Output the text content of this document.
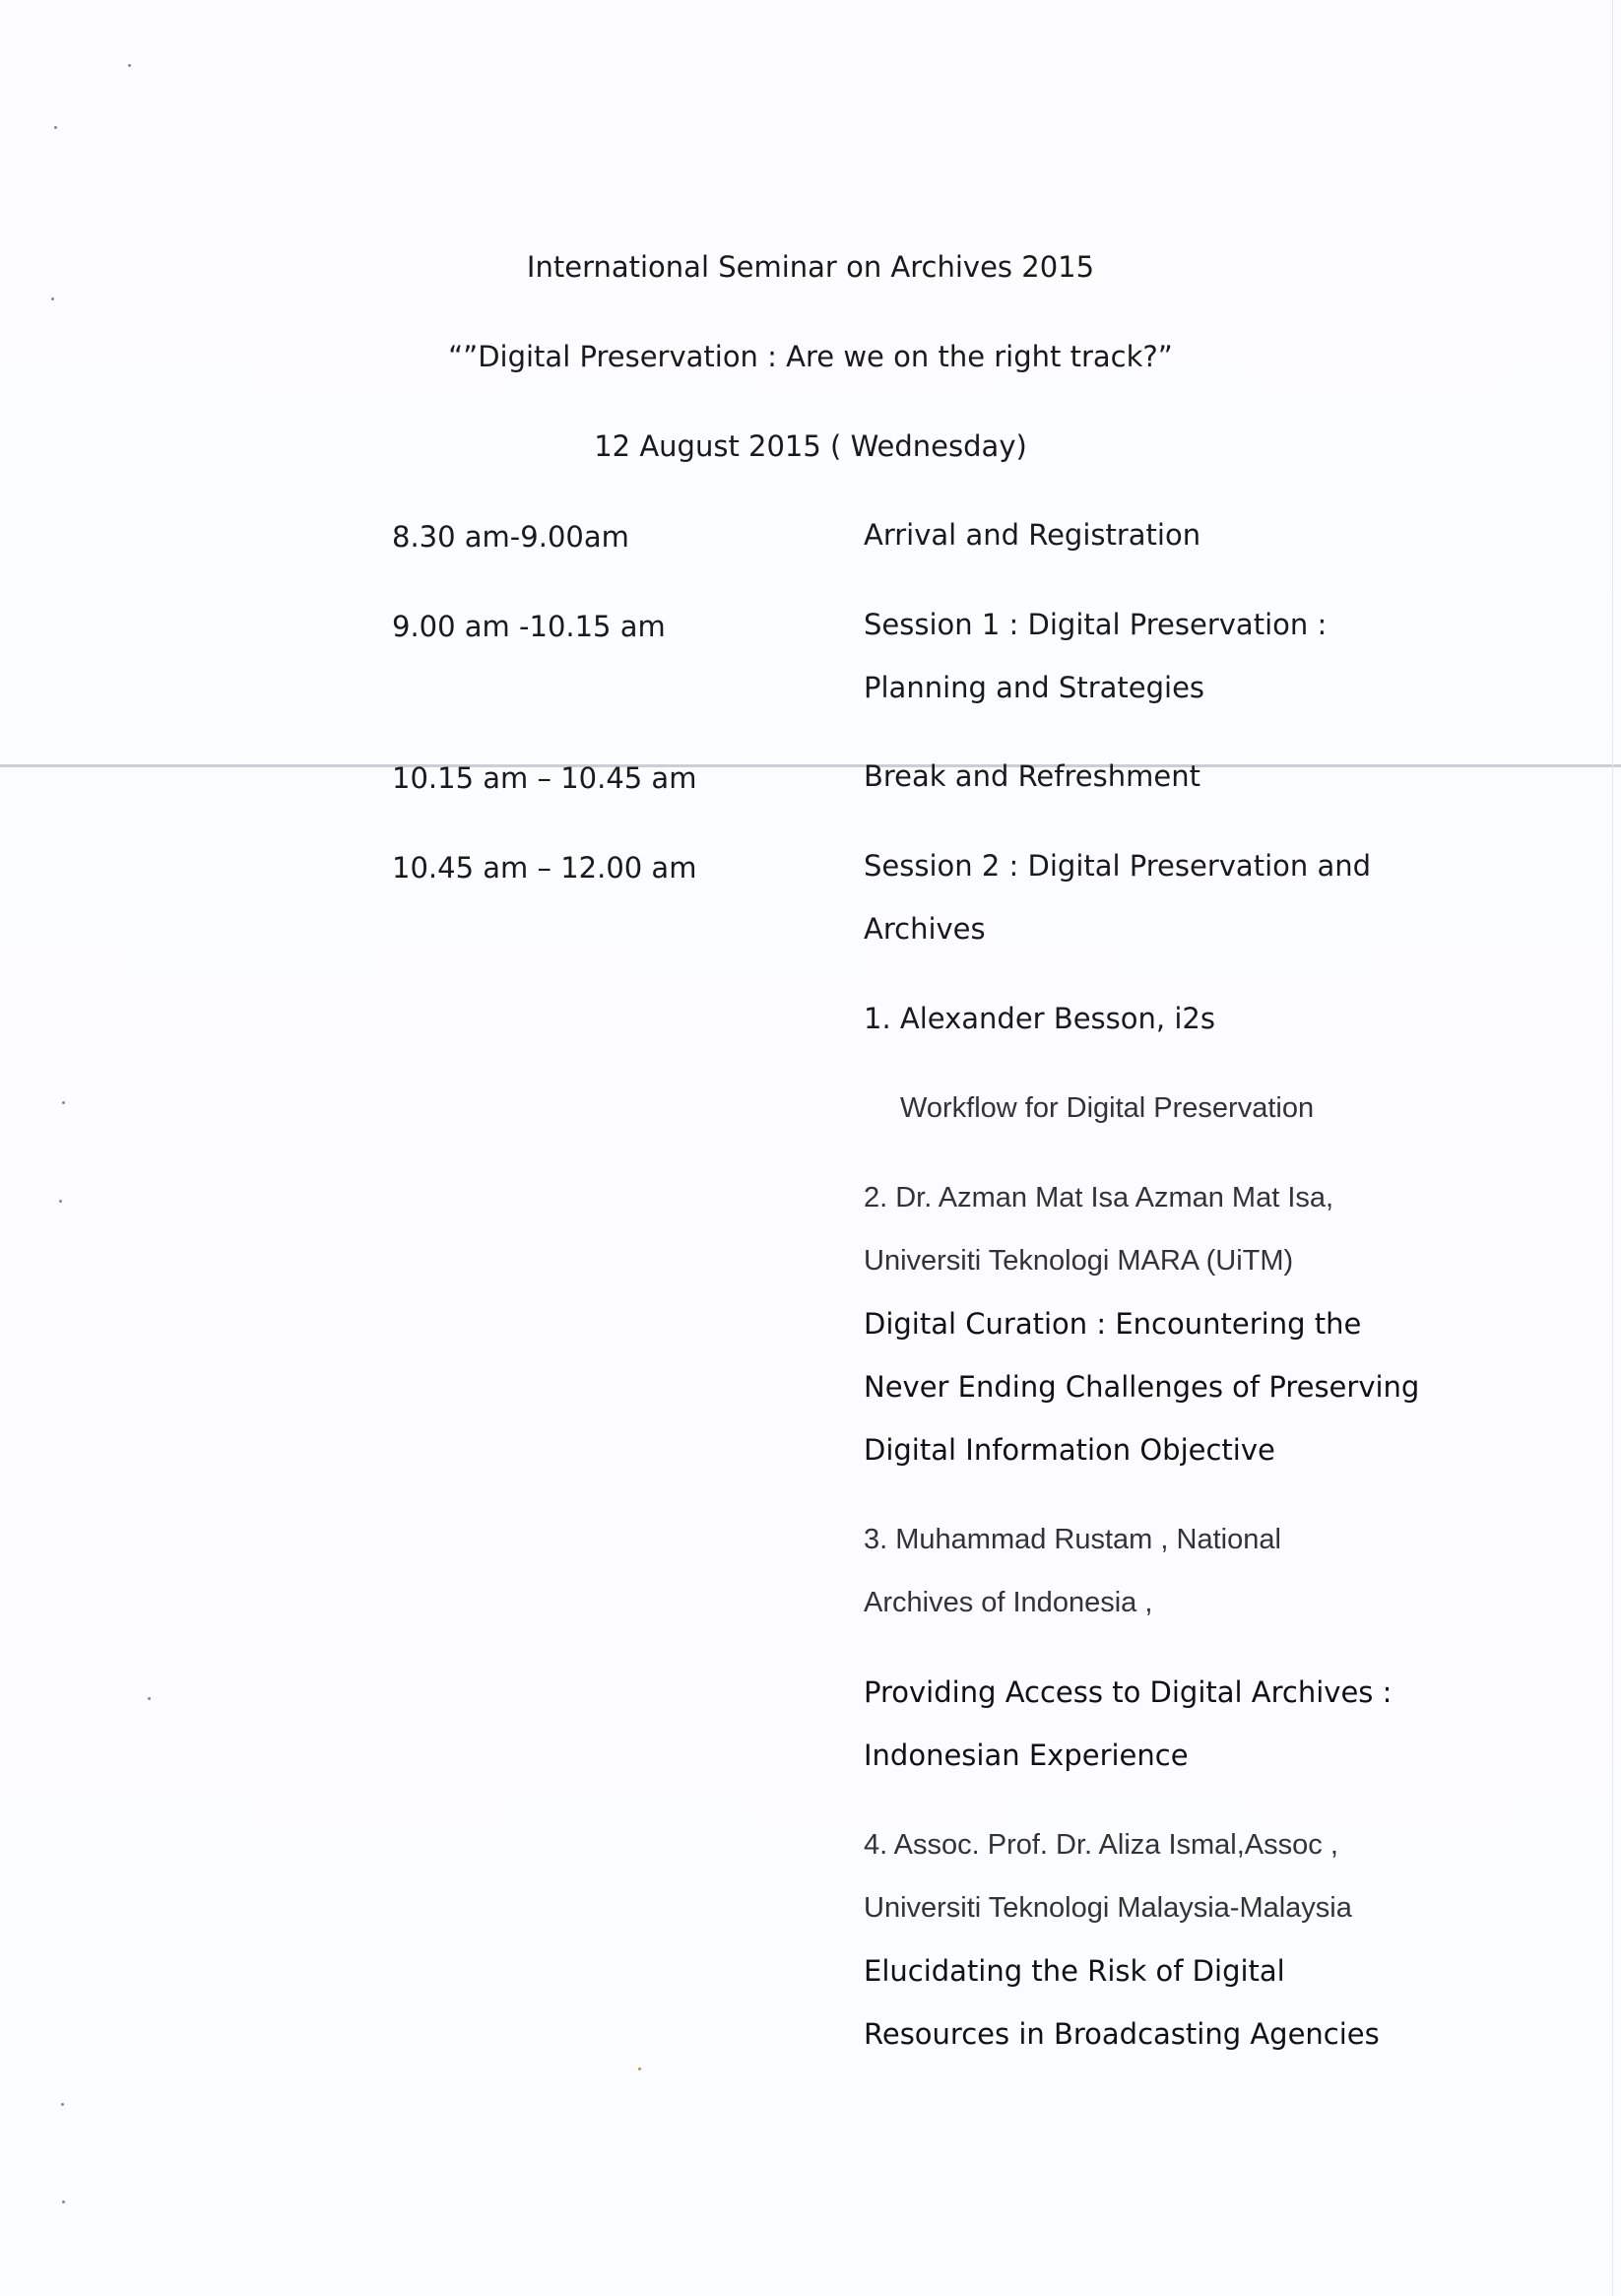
International Seminar on Archives 2015
“”Digital Preservation : Are we on the right track?”
12 August 2015 ( Wednesday)
8.30 am-9.00am	Arrival and Registration
9.00 am -10.15 am	Session 1 : Digital Preservation :
Planning and Strategies
10.15 am – 10.45 am	Break and Refreshment
10.45 am – 12.00 am	Session 2 : Digital Preservation and
Archives
1. Alexander Besson, i2s
Workflow for Digital Preservation
2. Dr. Azman Mat Isa Azman Mat Isa,
Universiti Teknologi MARA (UiTM)
Digital Curation : Encountering the
Never Ending Challenges of Preserving
Digital Information Objective
3. Muhammad Rustam , National
Archives of Indonesia ,
Providing Access to Digital Archives :
Indonesian Experience
4. Assoc. Prof. Dr. Aliza Ismal,Assoc ,
Universiti Teknologi Malaysia-Malaysia
Elucidating the Risk of Digital
Resources in Broadcasting Agencies
